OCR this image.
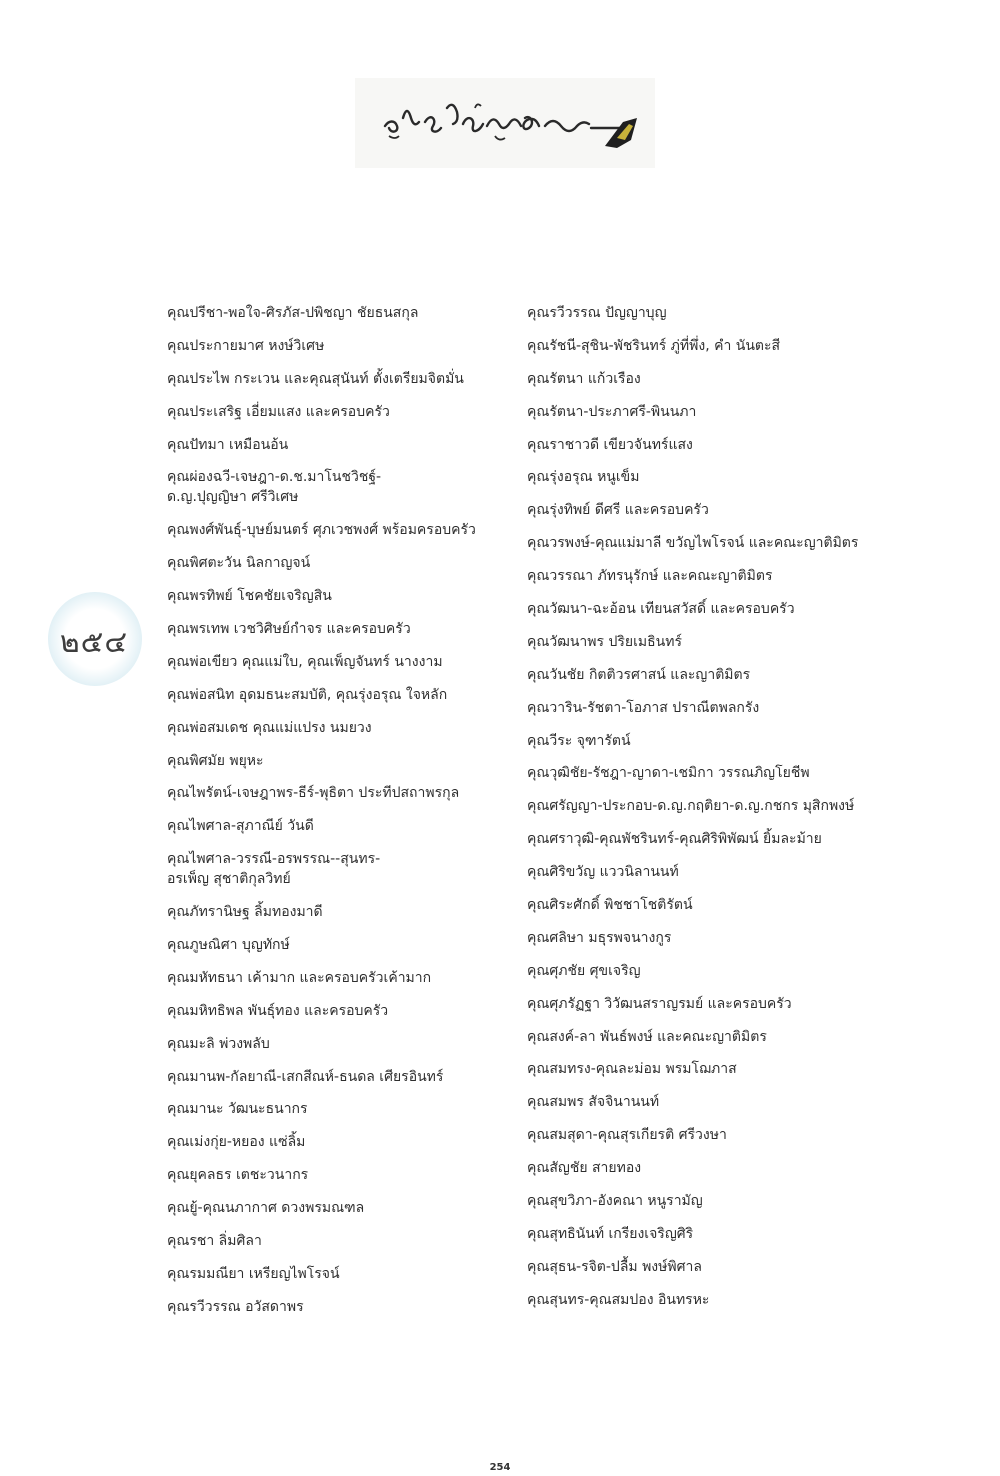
๒๕๔
คุณปรีชา-พอใจ-ศิรภัส-ปพิชญา ชัยธนสกุล
คุณประกายมาศ หงษ์วิเศษ
คุณประไพ กระเวน และคุณสุนันท์ ตั้งเตรียมจิตมั่น
คุณประเสริฐ เอี่ยมแสง และครอบครัว
คุณปัทมา เหมือนอ้น
คุณผ่องฉวี-เจษฎา-ด.ช.มาโนชวิชฐ์-
ด.ญ.ปุญญิษา ศรีวิเศษ
คุณพงศ์พันธุ์-บุษย์มนตร์ ศุภเวชพงศ์ พร้อมครอบครัว
คุณพิศตะวัน นิลกาญจน์
คุณพรทิพย์ โชคชัยเจริญสิน
คุณพรเทพ เวชวิศิษย์กำจร และครอบครัว
คุณพ่อเขียว คุณแม่ใบ, คุณเพ็ญจันทร์ นางงาม
คุณพ่อสนิท อุดมธนะสมบัติ, คุณรุ่งอรุณ ใจหลัก
คุณพ่อสมเดช คุณแม่แปรง นมยวง
คุณพิศมัย พยุหะ
คุณไพรัตน์-เจษฎาพร-ธีร์-พุธิตา ประทีปสถาพรกุล
คุณไพศาล-สุภาณีย์ วันดี
คุณไพศาล-วรรณี-อรพรรณ--สุนทร-
อรเพ็ญ สุชาติกุลวิทย์
คุณภัทรานิษฐ ลิ้มทองมาดี
คุณภูษณิศา บุญทักษ์
คุณมหัทธนา เค้ามาก และครอบครัวเค้ามาก
คุณมหิทธิพล พันธุ์ทอง และครอบครัว
คุณมะลิ พ่วงพลับ
คุณมานพ-กัลยาณี-เสกสีณห์-ธนดล เศียรอินทร์
คุณมานะ วัฒนะธนากร
คุณเม่งกุ่ย-หยอง แซ่ลิ้ม
คุณยุคลธร เตชะวนากร
คุณยู้-คุณนภากาศ ดวงพรมณฑล
คุณรชา ลิ่มศิลา
คุณรมมณียา เหรียญไพโรจน์
คุณรวีวรรณ อวัสดาพร
คุณรวีวรรณ ปัญญาบุญ
คุณรัชนี-สุชิน-พัชรินทร์ ภู่ที่พึ่ง, คำ นันตะสี
คุณรัตนา แก้วเรือง
คุณรัตนา-ประภาศรี-พินนภา
คุณราชาวดี เขียวจันทร์แสง
คุณรุ่งอรุณ หนูเข็ม
คุณรุ่งทิพย์ ดีศรี และครอบครัว
คุณวรพงษ์-คุณแม่มาลี ขวัญไพโรจน์ และคณะญาติมิตร
คุณวรรณา ภัทรนุรักษ์ และคณะญาติมิตร
คุณวัฒนา-ฉะอ้อน เทียนสวัสดิ์ และครอบครัว
คุณวัฒนาพร ปริยเมธินทร์
คุณวันชัย กิตติวรศาสน์ และญาติมิตร
คุณวาริน-รัชตา-โอภาส ปราณีตพลกรัง
คุณวีระ จุฑารัตน์
คุณวุฒิชัย-รัชฎา-ญาดา-เชมิกา วรรณภิญโยชีพ
คุณศรัญญา-ประกอบ-ด.ญ.กฤติยา-ด.ญ.กชกร มุสิกพงษ์
คุณศราวุฒิ-คุณพัชรินทร์-คุณศิริพิพัฒน์ ยิ้มละม้าย
คุณศิริขวัญ แววนิลานนท์
คุณศิระศักดิ์ พิชชาโชติรัตน์
คุณศลิษา มธุรพจนางกูร
คุณศุภชัย ศุขเจริญ
คุณศุภรัฏฐา วิวัฒนสราญรมย์ และครอบครัว
คุณสงค์-ลา พันธ์พงษ์ และคณะญาติมิตร
คุณสมทรง-คุณละม่อม พรมโฌภาส
คุณสมพร สัจจินานนท์
คุณสมสุดา-คุณสุรเกียรติ ศรีวงษา
คุณสัญชัย สายทอง
คุณสุขวิภา-อังคณา หนูรามัญ
คุณสุทธินันท์ เกรียงเจริญศิริ
คุณสุธน-รจิต-ปลื้ม พงษ์พิศาล
คุณสุนทร-คุณสมปอง อินทรหะ
254
